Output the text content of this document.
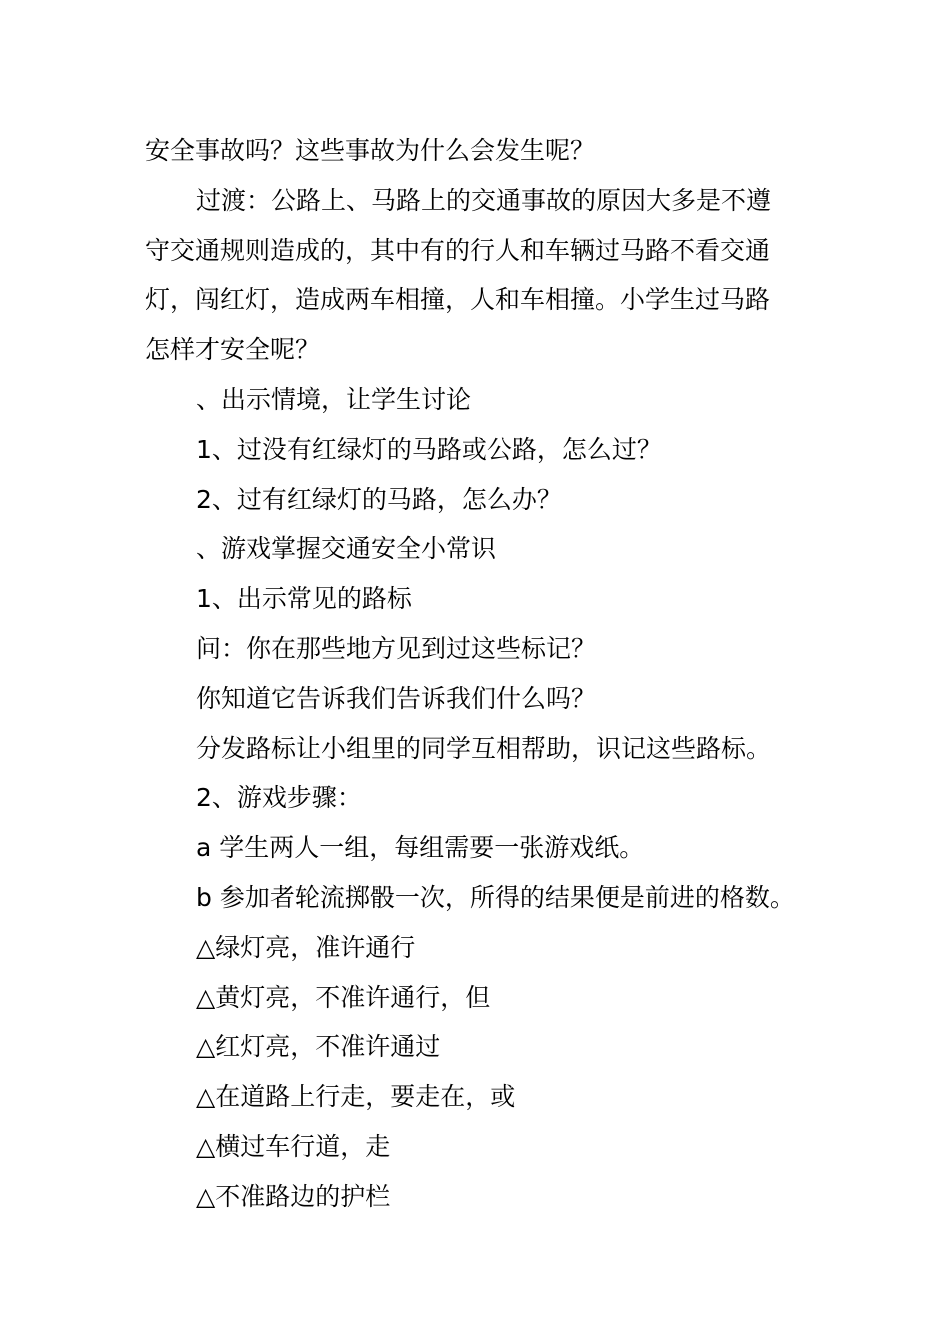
安全事故吗？这些事故为什么会发生呢？
过渡：公路上、马路上的交通事故的原因大多是不遵
守交通规则造成的，其中有的行人和车辆过马路不看交通
灯，闯红灯，造成两车相撞，人和车相撞。小学生过马路
怎样才安全呢？
、出示情境，让学生讨论
1、过没有红绿灯的马路或公路，怎么过？
2、过有红绿灯的马路，怎么办？
、游戏掌握交通安全小常识
1、出示常见的路标
问：你在那些地方见到过这些标记？
你知道它告诉我们告诉我们什么吗？
分发路标让小组里的同学互相帮助，识记这些路标。
2、游戏步骤：
a 学生两人一组，每组需要一张游戏纸。
b 参加者轮流掷骰一次，所得的结果便是前进的格数。
△绿灯亮，准许通行
△黄灯亮，不准许通行，但
△红灯亮，不准许通过
△在道路上行走，要走在，或
△横过车行道，走
△不准路边的护栏
